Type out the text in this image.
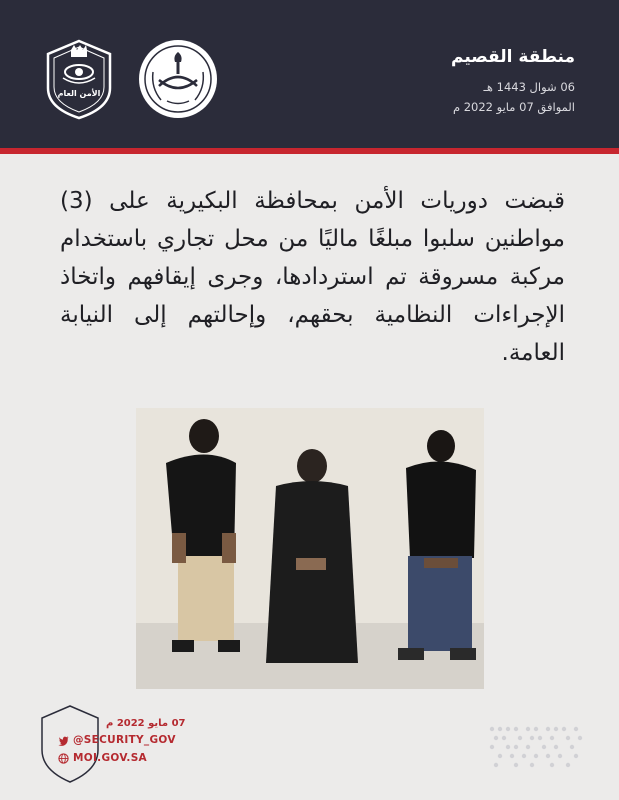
الأمن العام
منطقة القصيم
06 شوال 1443 هـ
الموافق 07 مايو 2022 م
قبضت دوريات الأمن بمحافظة البكيرية على (3) مواطنين سلبوا مبلغًا ماليًا من محل تجاري باستخدام مركبة مسروقة تم استردادها، وجرى إيقافهم واتخاذ الإجراءات النظامية بحقهم، وإحالتهم إلى النيابة العامة.
07 مايو 2022 م
@SECURITY_GOV
MOI.GOV.SA
